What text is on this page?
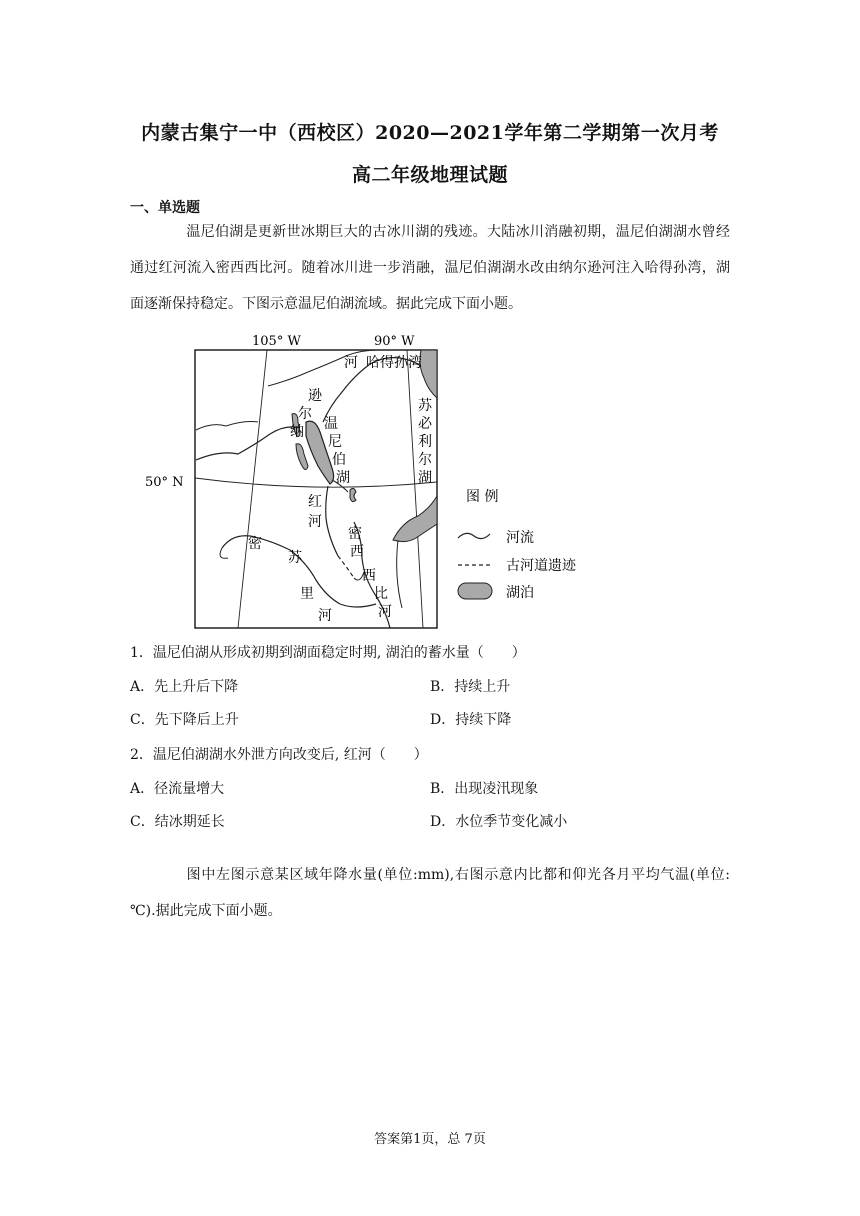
内蒙古集宁一中（西校区）2020—2021学年第二学期第一次月考
高二年级地理试题
一、单选题
温尼伯湖是更新世冰期巨大的古冰川湖的残迹。大陆冰川消融初期，温尼伯湖湖水曾经通过红河流入密西西比河。随着冰川进一步消融，温尼伯湖湖水改由纳尔逊河注入哈得孙湾，湖面逐渐保持稳定。下图示意温尼伯湖流域。据此完成下面小题。
105° W	90° W
50° N
河 哈得孙湾
逊
尔
纳 温
尼
伯
湖
苏
必
利
尔
湖
红
河
密
西
西
比
河
密
苏
里
河
图 例
河流
古河道遗迹
湖泊
1．温尼伯湖从形成初期到湖面稳定时期, 湖泊的蓄水量（　　）
A．先上升后下降	B．持续上升
C．先下降后上升	D．持续下降
2．温尼伯湖湖水外泄方向改变后, 红河（　　）
A．径流量增大	B．出现凌汛现象
C．结冰期延长	D．水位季节变化减小
图中左图示意某区域年降水量(单位:mm),右图示意内比都和仰光各月平均气温(单位:℃).据此完成下面小题。
答案第1页，总 7页
